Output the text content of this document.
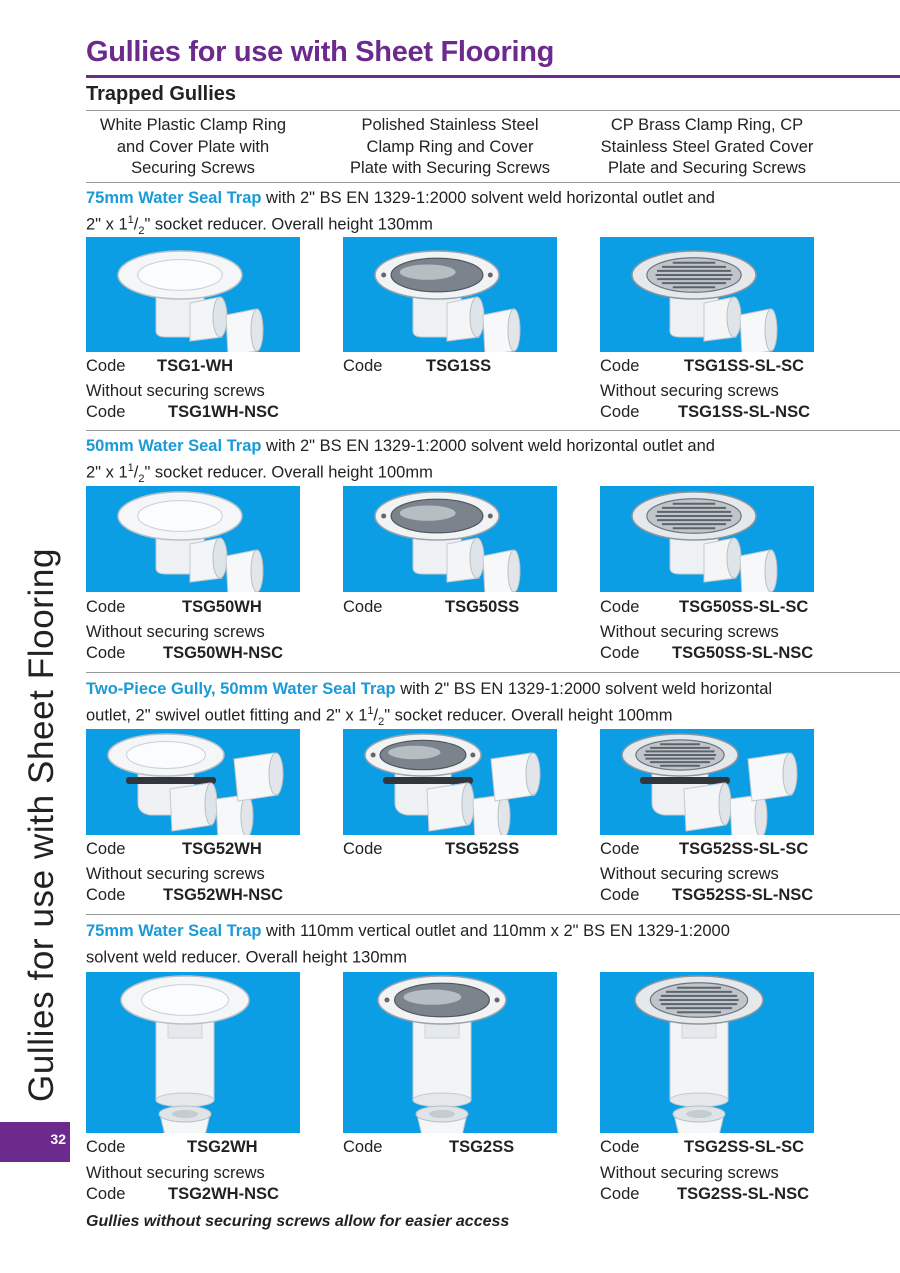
Gullies for use with Sheet Flooring
Trapped Gullies
White Plastic Clamp Ring
and Cover Plate with
Securing Screws
Polished Stainless Steel
Clamp Ring and Cover
Plate with Securing Screws
CP Brass Clamp Ring, CP
Stainless Steel Grated Cover
Plate and Securing Screws
75mm Water Seal Trap with 2" BS EN 1329-1:2000 solvent weld horizontal outlet and
2" x $1^1/_2$" socket reducer. Overall height 130mm
Code TSG1-WH
Without securing screws
Code	TSG1WH-NSC
Code	TSG1SS	Code	TSG1SS-SL-SC
Without securing screws
Code TSG1SS-SL-NSC
50mm Water Seal Trap with 2" BS EN 1329-1:2000 solvent weld horizontal outlet and
2" x $1^1/_2$" socket reducer. Overall height 100mm
Code	TSG50WH
Without securing screws
Code TSG50WH-NSC
Code	TSG50SS	Code TSG50SS-SL-SC
Without securing screws
Code TSG50SS-SL-NSC
Two-Piece Gully, 50mm Water Seal Trap with 2" BS EN 1329-1:2000 solvent weld horizontal
outlet, 2" swivel outlet fitting and 2" x $1^1/_2$" socket reducer. Overall height 100mm
Code	TSG52WH
Without securing screws
Code TSG52WH-NSC
Code	TSG52SS	Code TSG52SS-SL-SC
Without securing screws
Code TSG52SS-SL-NSC
75mm Water Seal Trap with 110mm vertical outlet and 110mm x 2" BS EN 1329-1:2000
solvent weld reducer. Overall height 130mm
Code	TSG2WH
Without securing screws
Code	TSG2WH-NSC
Code	TSG2SS	Code	TSG2SS-SL-SC
Without securing screws
Code TSG2SS-SL-NSC
Gullies for use with Sheet Flooring
32
Gullies without securing screws allow for easier access
